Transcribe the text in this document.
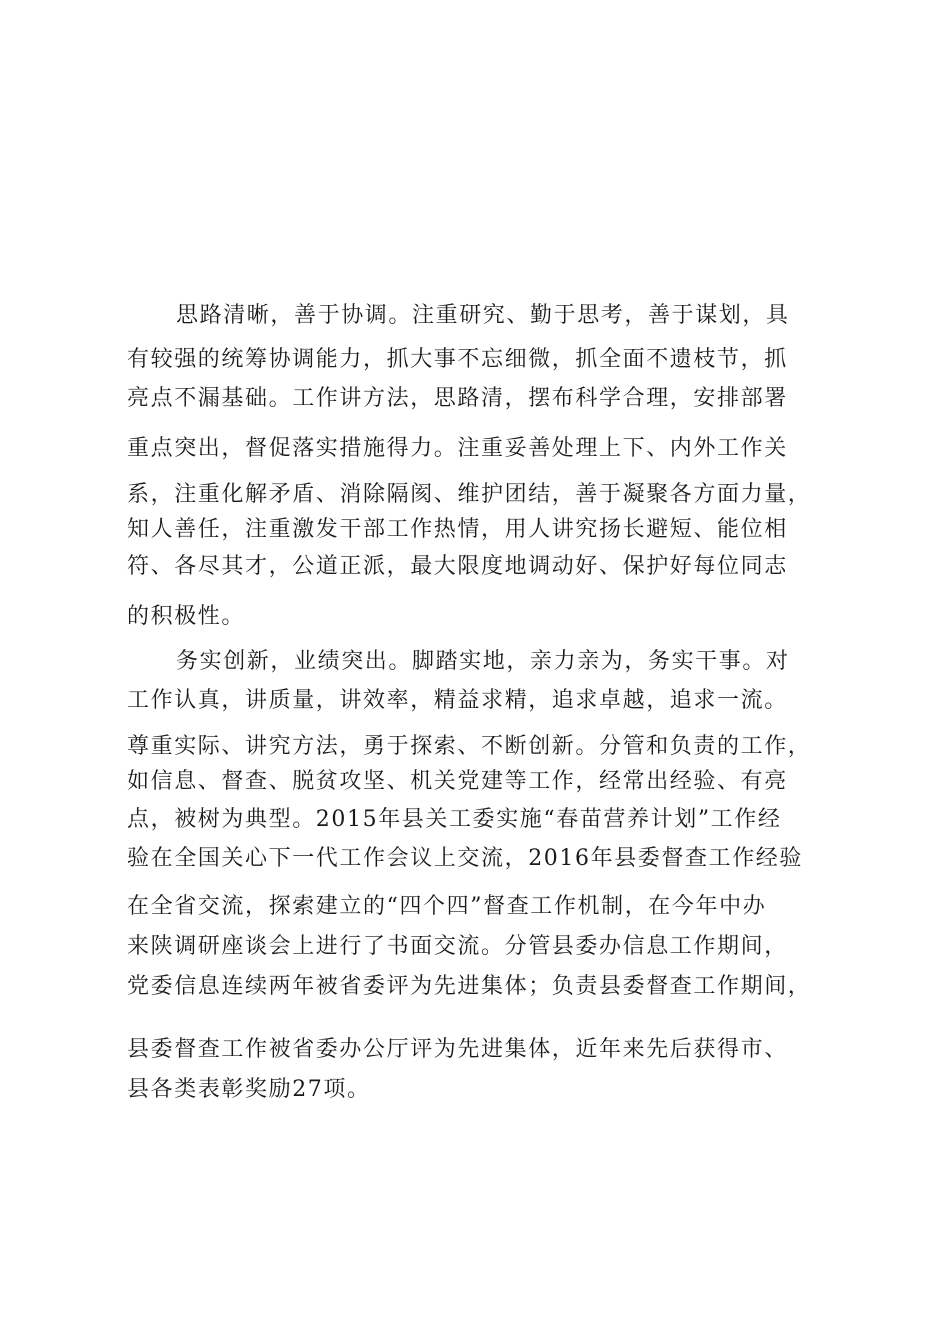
思路清晰，善于协调。注重研究、勤于思考，善于谋划，具

有较强的统筹协调能力，抓大事不忘细微，抓全面不遗枝节，抓

亮点不漏基础。工作讲方法，思路清，摆布科学合理，安排部署

重点突出，督促落实措施得力。注重妥善处理上下、内外工作关

系，注重化解矛盾、消除隔阂、维护团结，善于凝聚各方面力量，

知人善任，注重激发干部工作热情，用人讲究扬长避短、能位相

符、各尽其才，公道正派，最大限度地调动好、保护好每位同志

的积极性。

务实创新，业绩突出。脚踏实地，亲力亲为，务实干事。对

工作认真，讲质量，讲效率，精益求精，追求卓越，追求一流。

尊重实际、讲究方法，勇于探索、不断创新。分管和负责的工作，

如信息、督查、脱贫攻坚、机关党建等工作，经常出经验、有亮

点，被树为典型。2015年县关工委实施“春苗营养计划”工作经

验在全国关心下一代工作会议上交流，2016年县委督查工作经验

在全省交流，探索建立的“四个四”督查工作机制，在今年中办

来陕调研座谈会上进行了书面交流。分管县委办信息工作期间，

党委信息连续两年被省委评为先进集体；负责县委督查工作期间，

县委督查工作被省委办公厅评为先进集体，近年来先后获得市、

县各类表彰奖励27项。
